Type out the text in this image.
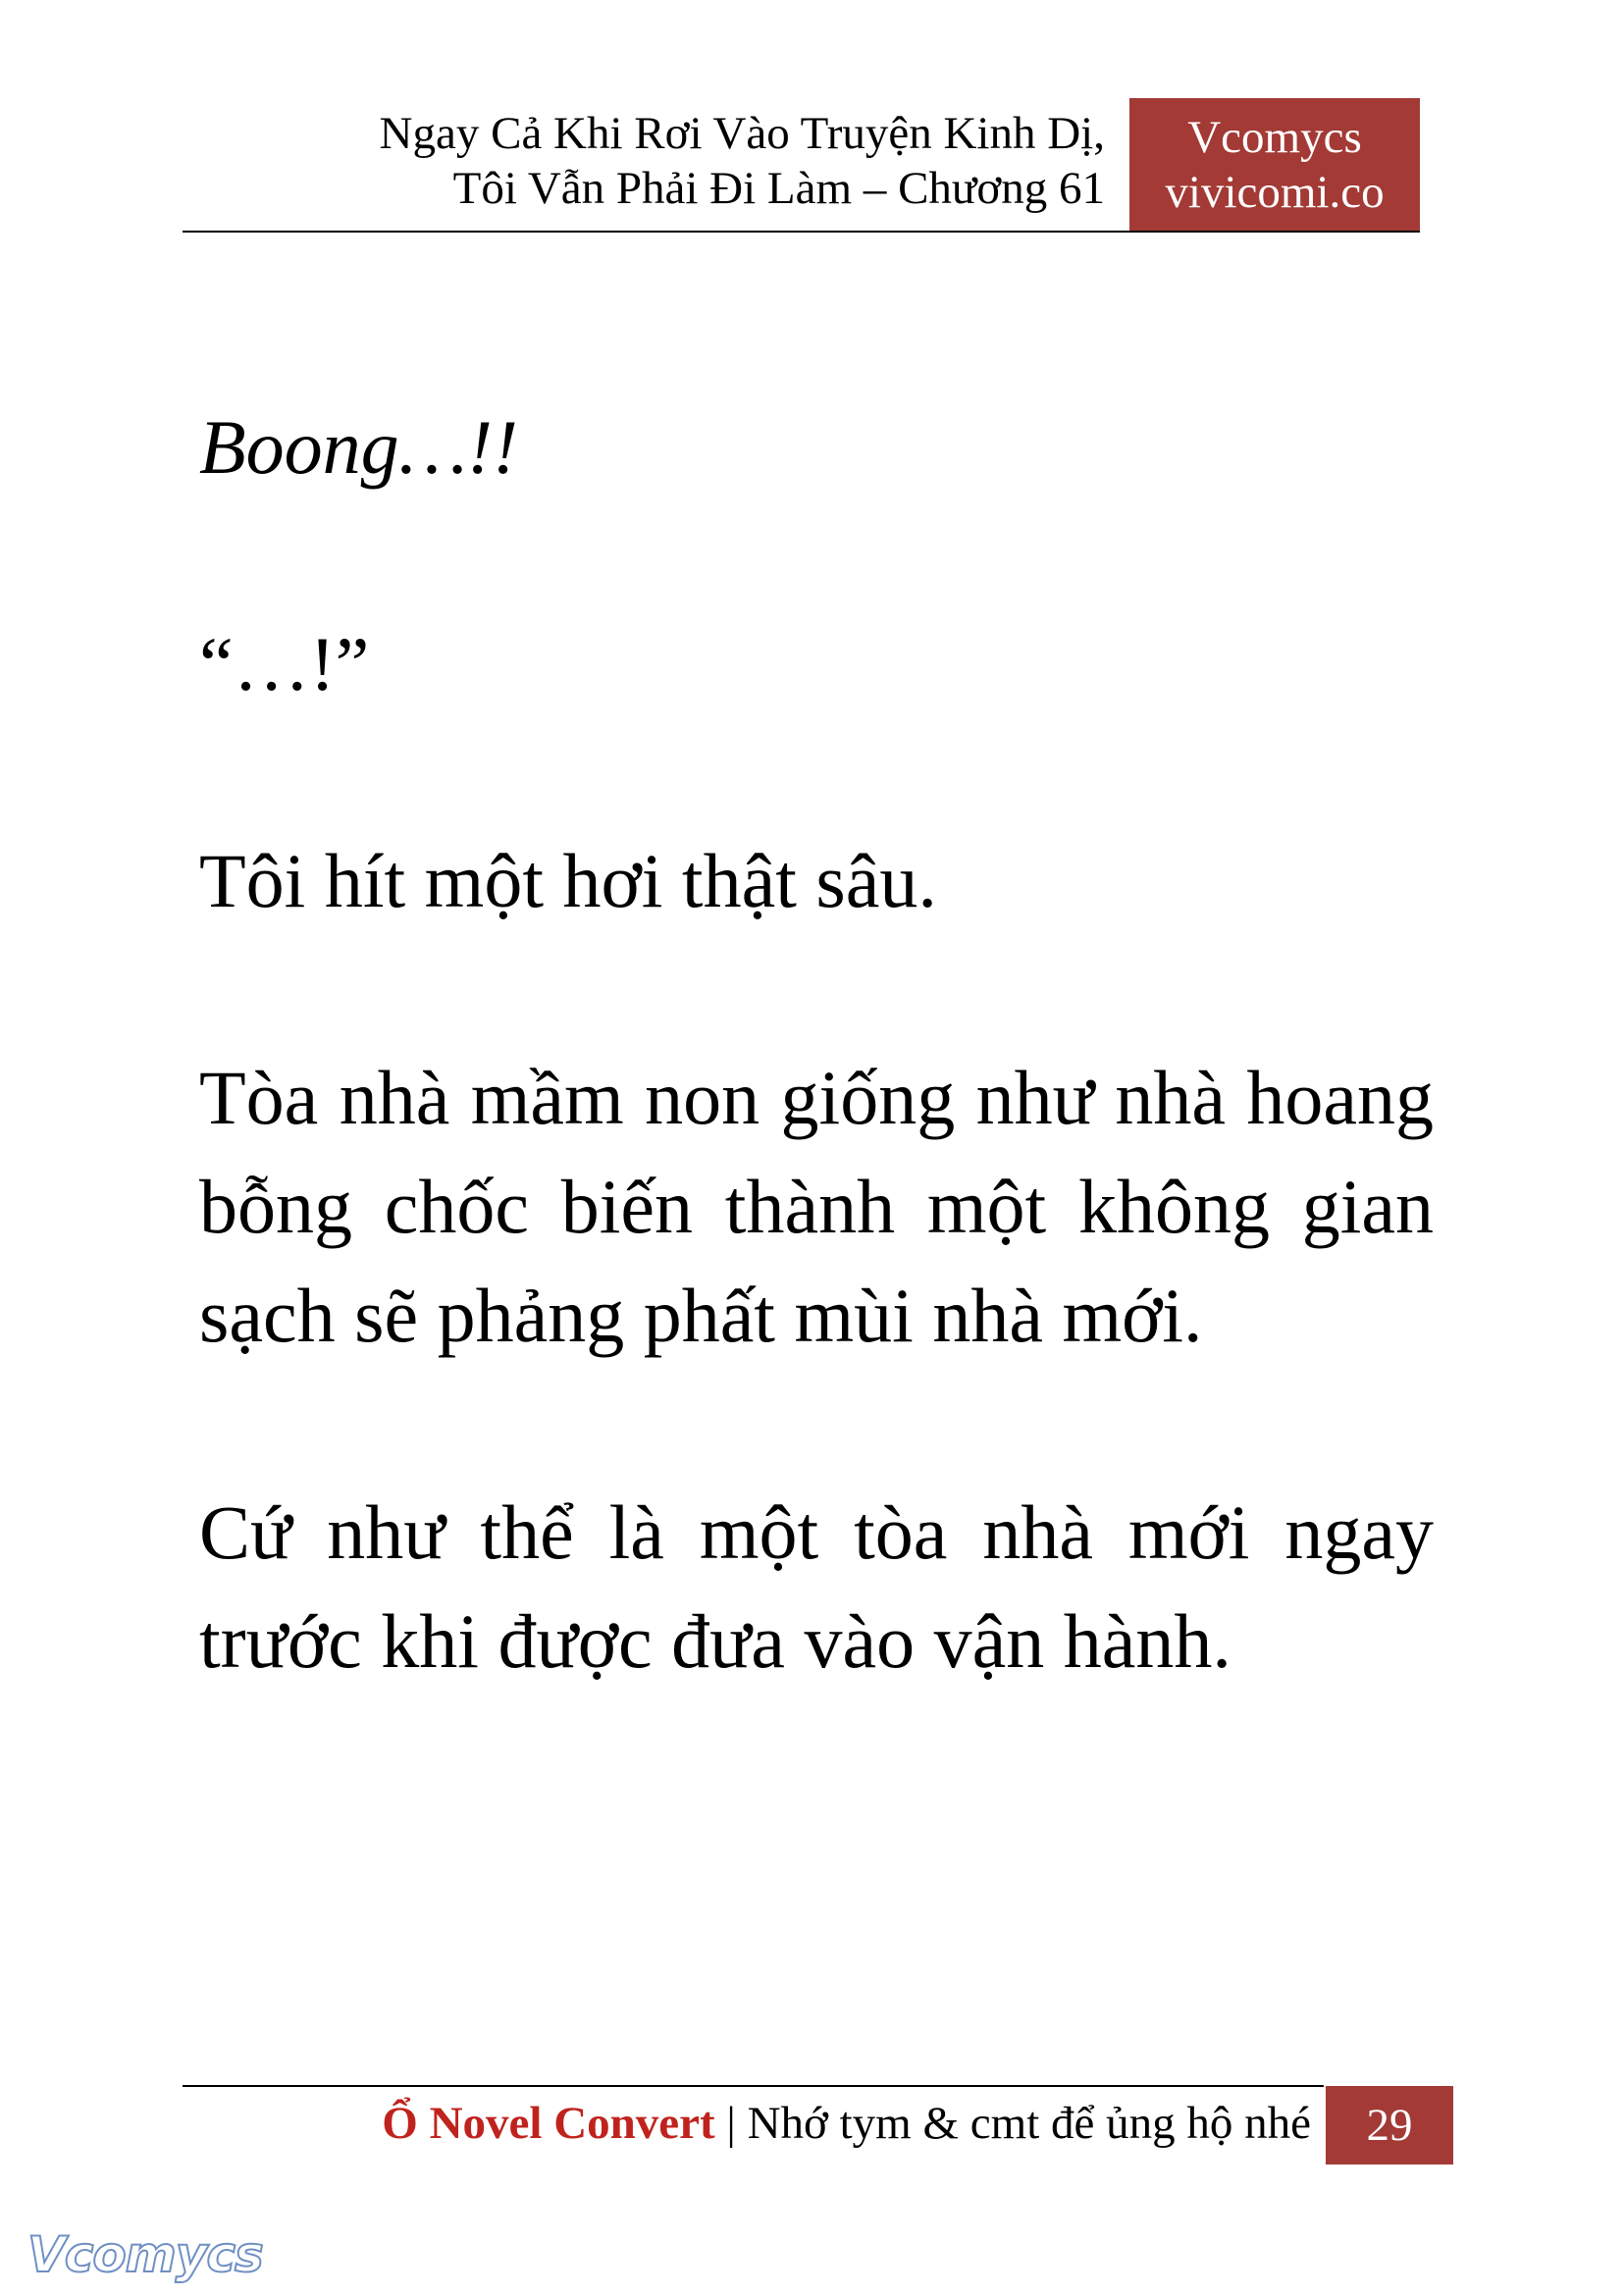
Ngay Cả Khi Rơi Vào Truyện Kinh Dị,
Tôi Vẫn Phải Đi Làm – Chương 61
Vcomycs
vivicomi.co

Boong…!!

“…!”

Tôi hít một hơi thật sâu.

Tòa nhà mầm non giống như nhà hoang bỗng chốc biến thành một không gian sạch sẽ phảng phất mùi nhà mới.

Cứ như thể là một tòa nhà mới ngay trước khi được đưa vào vận hành.

Ổ Novel Convert | Nhớ tym & cmt để ủng hộ nhé	29
Vcomycs
